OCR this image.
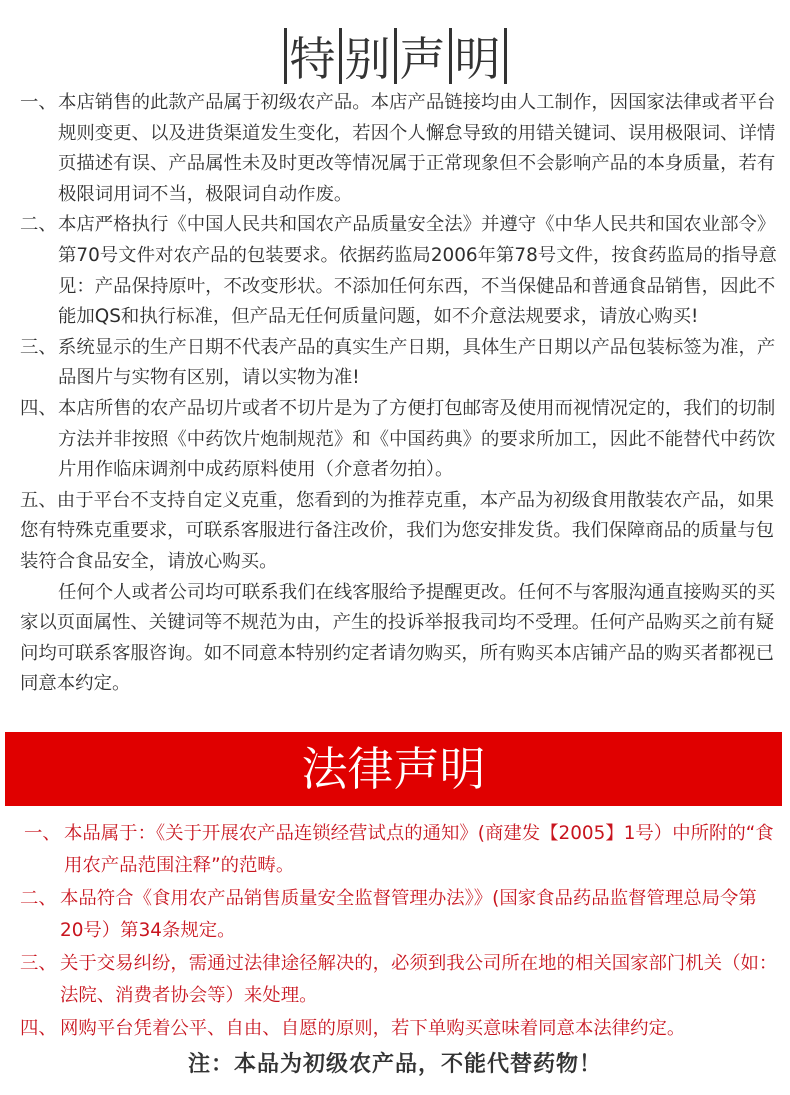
特 别 声 明
一、 本店销售的此款产品属于初级农产品。本店产品链接均由人工制作，因国家法律或者平台规则变更、以及进货渠道发生变化，若因个人懈怠导致的用错关键词、误用极限词、详情页描述有误、产品属性未及时更改等情况属于正常现象但不会影响产品的本身质量，若有极限词用词不当，极限词自动作废。
二、 本店严格执行《中国人民共和国农产品质量安全法》并遵守《中华人民共和国农业部令》第70号文件对农产品的包装要求。依据药监局2006年第78号文件，按食药监局的指导意见：产品保持原叶，不改变形状。不添加任何东西，不当保健品和普通食品销售，因此不能加QS和执行标准，但产品无任何质量问题，如不介意法规要求，请放心购买!
三、 系统显示的生产日期不代表产品的真实生产日期，具体生产日期以产品包装标签为准，产品图片与实物有区别，请以实物为准!
四、 本店所售的农产品切片或者不切片是为了方便打包邮寄及使用而视情况定的，我们的切制方法并非按照《中药饮片炮制规范》和《中国药典》的要求所加工，因此不能替代中药饮片用作临床调剂中成药原料使用（介意者勿拍）。
五、由于平台不支持自定义克重，您看到的为推荐克重，本产品为初级食用散装农产品，如果您有特殊克重要求，可联系客服进行备注改价，我们为您安排发货。我们保障商品的质量与包装符合食品安全，请放心购买。
任何个人或者公司均可联系我们在线客服给予提醒更改。任何不与客服沟通直接购买的买家以页面属性、关键词等不规范为由，产生的投诉举报我司均不受理。任何产品购买之前有疑问均可联系客服咨询。如不同意本特别约定者请勿购买，所有购买本店铺产品的购买者都视已同意本约定。
法律声明
一、 本品属于：《关于开展农产品连锁经营试点的通知》(商建发【2005】1号）中所附的“食用农产品范围注释”的范畴。
二、 本品符合《食用农产品销售质量安全监督管理办法》》(国家食品药品监督管理总局令第20号）第34条规定。
三、 关于交易纠纷，需通过法律途径解决的，必须到我公司所在地的相关国家部门机关（如：法院、消费者协会等）来处理。
四、 网购平台凭着公平、自由、自愿的原则，若下单购买意味着同意本法律约定。
注：本品为初级农产品，不能代替药物！
